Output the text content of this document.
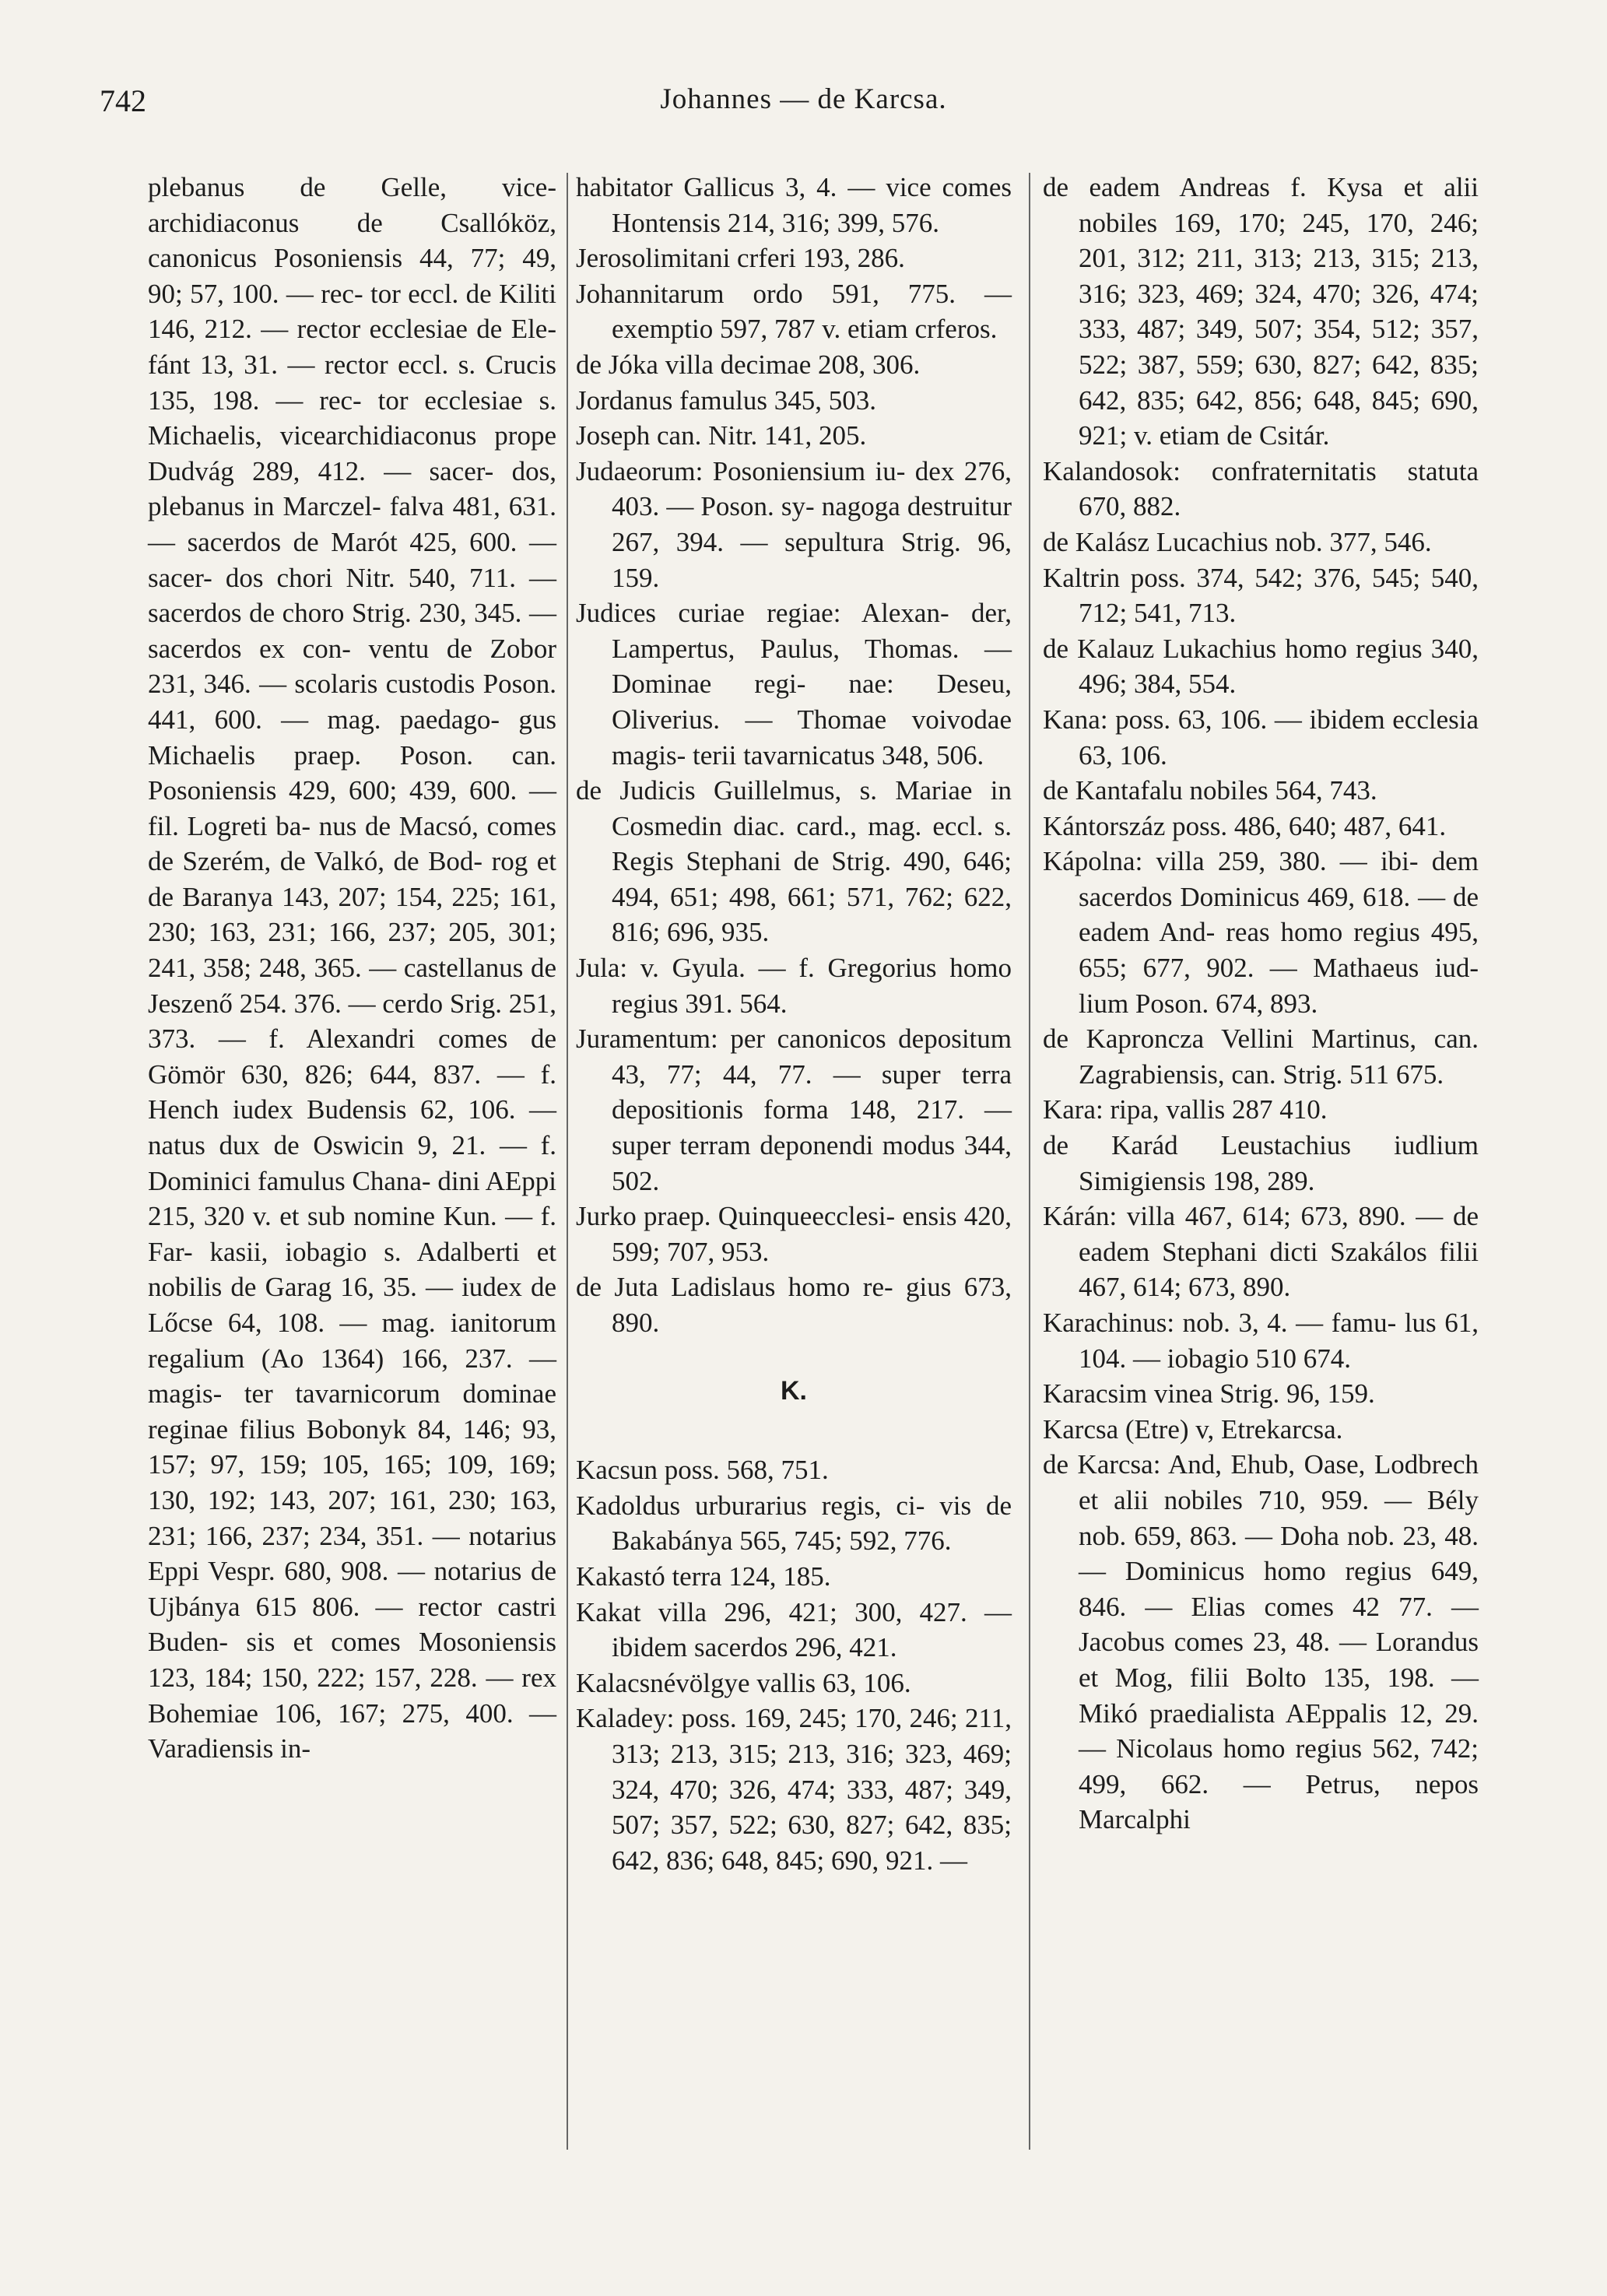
742	Johannes — de Karcsa.

plebanus de Gelle, vice- archidiaconus de Csallóköz, canonicus Posoniensis 44, 77; 49, 90; 57, 100. — rec- tor eccl. de Kiliti 146, 212. — rector ecclesiae de Ele- fánt 13, 31. — rector eccl. s. Crucis 135, 198. — rec- tor ecclesiae s. Michaelis, vicearchidiaconus prope Dudvág 289, 412. — sacer- dos, plebanus in Marczel- falva 481, 631. — sacerdos de Marót 425, 600. — sacer- dos chori Nitr. 540, 711. — sacerdos de choro Strig. 230, 345. — sacerdos ex con- ventu de Zobor 231, 346. — scolaris custodis Poson. 441, 600. — mag. paedago- gus Michaelis praep. Poson. can. Posoniensis 429, 600; 439, 600. — fil. Logreti ba- nus de Macsó, comes de Szerém, de Valkó, de Bod- rog et de Baranya 143, 207; 154, 225; 161, 230; 163, 231; 166, 237; 205, 301; 241, 358; 248, 365. — castellanus de Jeszenő 254. 376. — cerdo Srig. 251, 373. — f. Alexandri comes de Gömör 630, 826; 644, 837. — f. Hench iudex Budensis 62, 106. — natus dux de Oswicin 9, 21. — f. Dominici famulus Chana- dini AEppi 215, 320 v. et sub nomine Kun. — f. Far- kasii, iobagio s. Adalberti et nobilis de Garag 16, 35. — iudex de Lőcse 64, 108. — mag. ianitorum regalium (Ao 1364) 166, 237. — magis- ter tavarnicorum dominae reginae filius Bobonyk 84, 146; 93, 157; 97, 159; 105, 165; 109, 169; 130, 192; 143, 207; 161, 230; 163, 231; 166, 237; 234, 351. — notarius Eppi Vespr. 680, 908. — notarius de Ujbánya 615 806. — rector castri Buden- sis et comes Mosoniensis 123, 184; 150, 222; 157, 228. — rex Bohemiae 106, 167; 275, 400. — Varadiensis in-

habitator Gallicus 3, 4. — vice comes Hontensis 214, 316; 399, 576.

Jerosolimitani crferi 193, 286.

Johannitarum ordo 591, 775. — exemptio 597, 787 v. etiam crferos.

de Jóka villa decimae 208, 306.

Jordanus famulus 345, 503.

Joseph can. Nitr. 141, 205.

Judaeorum: Posoniensium iu- dex 276, 403. — Poson. sy- nagoga destruitur 267, 394. — sepultura Strig. 96, 159.

Judices curiae regiae: Alexan- der, Lampertus, Paulus, Thomas. — Dominae regi- nae: Deseu, Oliverius. — Thomae voivodae magis- terii tavarnicatus 348, 506.

de Judicis Guillelmus, s. Mariae in Cosmedin diac. card., mag. eccl. s. Regis Stephani de Strig. 490, 646; 494, 651; 498, 661; 571, 762; 622, 816; 696, 935.

Jula: v. Gyula. — f. Gregorius homo regius 391. 564.

Juramentum: per canonicos depositum 43, 77; 44, 77. — super terra depositionis forma 148, 217. — super terram deponendi modus 344, 502.

Jurko praep. Quinqueecclesi- ensis 420, 599; 707, 953.

de Juta Ladislaus homo re- gius 673, 890.

K.

Kacsun poss. 568, 751.

Kadoldus urburarius regis, ci- vis de Bakabánya 565, 745; 592, 776.

Kakastó terra 124, 185.

Kakat villa 296, 421; 300, 427. — ibidem sacerdos 296, 421.

Kalacsnévölgye vallis 63, 106.

Kaladey: poss. 169, 245; 170, 246; 211, 313; 213, 315; 213, 316; 323, 469; 324, 470; 326, 474; 333, 487; 349, 507; 357, 522; 630, 827; 642, 835; 642, 836; 648, 845; 690, 921. —

de eadem Andreas f. Kysa et alii nobiles 169, 170; 245, 170, 246; 201, 312; 211, 313; 213, 315; 213, 316; 323, 469; 324, 470; 326, 474; 333, 487; 349, 507; 354, 512; 357, 522; 387, 559; 630, 827; 642, 835; 642, 835; 642, 856; 648, 845; 690, 921; v. etiam de Csitár.

Kalandosok: confraternitatis statuta 670, 882.

de Kalász Lucachius nob. 377, 546.

Kaltrin poss. 374, 542; 376, 545; 540, 712; 541, 713.

de Kalauz Lukachius homo regius 340, 496; 384, 554.

Kana: poss. 63, 106. — ibidem ecclesia 63, 106.

de Kantafalu nobiles 564, 743.

Kántorszáz poss. 486, 640; 487, 641.

Kápolna: villa 259, 380. — ibi- dem sacerdos Dominicus 469, 618. — de eadem And- reas homo regius 495, 655; 677, 902. — Mathaeus iud- lium Poson. 674, 893.

de Kaproncza Vellini Martinus, can. Zagrabiensis, can. Strig. 511 675.

Kara: ripa, vallis 287 410.

de Karád Leustachius iudlium Simigiensis 198, 289.

Kárán: villa 467, 614; 673, 890. — de eadem Stephani dicti Szakálos filii 467, 614; 673, 890.

Karachinus: nob. 3, 4. — famu- lus 61, 104. — iobagio 510 674.

Karacsim vinea Strig. 96, 159.

Karcsa (Etre) v, Etrekarcsa.

de Karcsa: And, Ehub, Oase, Lodbrech et alii nobiles 710, 959. — Bély nob. 659, 863. — Doha nob. 23, 48. — Dominicus homo regius 649, 846. — Elias comes 42 77. — Jacobus comes 23, 48. — Lorandus et Mog, filii Bolto 135, 198. — Mikó praedialista AEppalis 12, 29. — Nicolaus homo regius 562, 742; 499, 662. — Petrus, nepos Marcalphi
